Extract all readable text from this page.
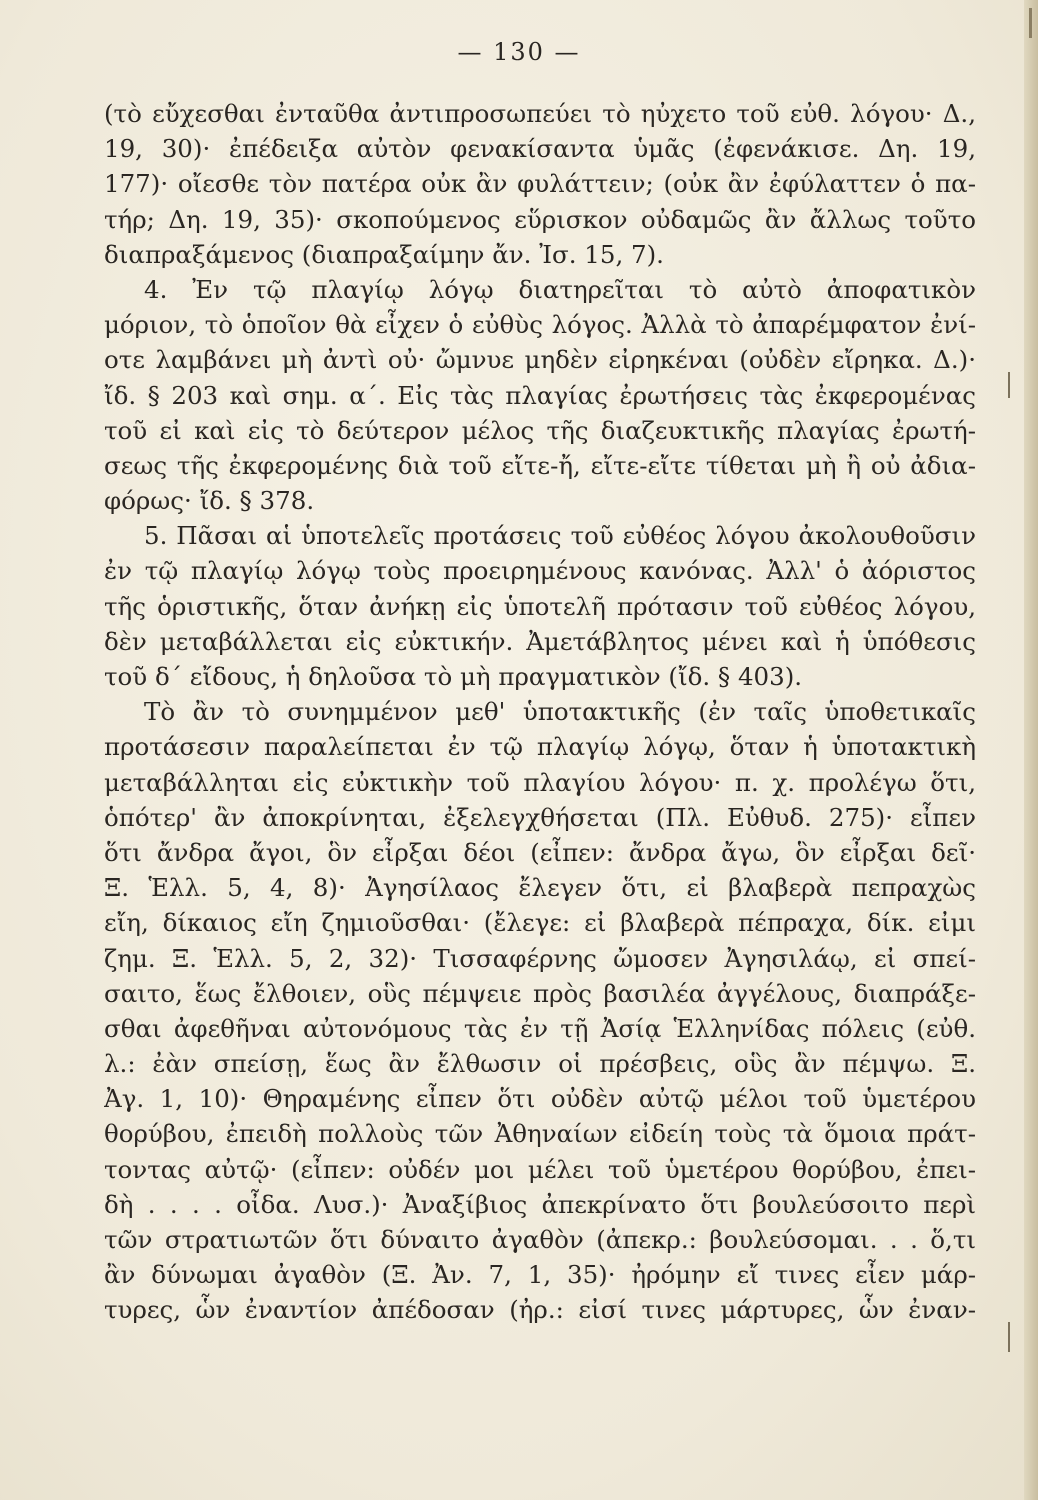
— 130 —
(τὸ εὔχεσθαι ἐνταῦθα ἀντιπροσωπεύει τὸ ηὐχετο τοῦ εὐθ. λόγου· Δ.,
19, 30)· ἐπέδειξα αὐτὸν φενακίσαντα ὑμᾶς (ἐφενάκισε. Δη. 19,
177)· οἴεσθε τὸν πατέρα οὐκ ἂν φυλάττειν; (οὐκ ἂν ἐφύλαττεν ὁ πα-
τήρ; Δη. 19, 35)· σκοπούμενος εὕρισκον οὐδαμῶς ἂν ἄλλως τοῦτο
διαπραξάμενος (διαπραξαίμην ἄν. Ἰσ. 15, 7).
4. Ἐν τῷ πλαγίῳ λόγῳ διατηρεῖται τὸ αὐτὸ ἀποφατικὸν
μόριον, τὸ ὁποῖον θὰ εἶχεν ὁ εὐθὺς λόγος. Ἀλλὰ τὸ ἀπαρέμφατον ἐνί-
οτε λαμβάνει μὴ ἀντὶ οὐ· ὤμνυε μηδὲν εἰρηκέναι (οὐδὲν εἴρηκα. Δ.)·
ἴδ. § 203 καὶ σημ. α΄. Εἰς τὰς πλαγίας ἐρωτήσεις τὰς ἐκφερομένας
τοῦ εἰ καὶ εἰς τὸ δεύτερον μέλος τῆς διαζευκτικῆς πλαγίας ἐρωτή-
σεως τῆς ἐκφερομένης διὰ τοῦ εἴτε-ἤ, εἴτε-εἴτε τίθεται μὴ ἢ οὐ ἀδια-
φόρως· ἴδ. § 378.
5. Πᾶσαι αἱ ὑποτελεῖς προτάσεις τοῦ εὐθέος λόγου ἀκολουθοῦσιν
ἐν τῷ πλαγίῳ λόγῳ τοὺς προειρημένους κανόνας. Ἀλλ' ὁ ἀόριστος
τῆς ὁριστικῆς, ὅταν ἀνήκῃ εἰς ὑποτελῆ πρότασιν τοῦ εὐθέος λόγου,
δὲν μεταβάλλεται εἰς εὐκτικήν. Ἀμετάβλητος μένει καὶ ἡ ὑπόθεσις
τοῦ δ΄ εἴδους, ἡ δηλοῦσα τὸ μὴ πραγματικὸν (ἴδ. § 403).
Τὸ ἂν τὸ συνημμένον μεθ' ὑποτακτικῆς (ἐν ταῖς ὑποθετικαῖς
προτάσεσιν παραλείπεται ἐν τῷ πλαγίῳ λόγῳ, ὅταν ἡ ὑποτακτικὴ
μεταβάλληται εἰς εὐκτικὴν τοῦ πλαγίου λόγου· π. χ. προλέγω ὅτι,
ὁπότερ' ἂν ἀποκρίνηται, ἐξελεγχθήσεται (Πλ. Εὐθυδ. 275)· εἶπεν
ὅτι ἄνδρα ἄγοι, ὃν εἶρξαι δέοι (εἶπεν: ἄνδρα ἄγω, ὃν εἶρξαι δεῖ·
Ξ. Ἑλλ. 5, 4, 8)· Ἀγησίλαος ἔλεγεν ὅτι, εἰ βλαβερὰ πεπραχὼς
εἴη, δίκαιος εἴη ζημιοῦσθαι· (ἔλεγε: εἰ βλαβερὰ πέπραχα, δίκ. εἰμι
ζημ. Ξ. Ἑλλ. 5, 2, 32)· Τισσαφέρνης ὤμοσεν Ἀγησιλάῳ, εἰ σπεί-
σαιτο, ἕως ἔλθοιεν, οὓς πέμψειε πρὸς βασιλέα ἀγγέλους, διαπράξε-
σθαι ἀφεθῆναι αὐτονόμους τὰς ἐν τῇ Ἀσίᾳ Ἑλληνίδας πόλεις (εὐθ.
λ.: ἐὰν σπείσῃ, ἕως ἂν ἔλθωσιν οἱ πρέσβεις, οὓς ἂν πέμψω. Ξ.
Ἀγ. 1, 10)· Θηραμένης εἶπεν ὅτι οὐδὲν αὐτῷ μέλοι τοῦ ὑμετέρου
θορύβου, ἐπειδὴ πολλοὺς τῶν Ἀθηναίων εἰδείη τοὺς τὰ ὅμοια πράτ-
τοντας αὐτῷ· (εἶπεν: οὐδέν μοι μέλει τοῦ ὑμετέρου θορύβου, ἐπει-
δὴ . . . . οἶδα. Λυσ.)· Ἀναξίβιος ἀπεκρίνατο ὅτι βουλεύσοιτο περὶ
τῶν στρατιωτῶν ὅτι δύναιτο ἀγαθὸν (ἀπεκρ.: βουλεύσομαι. . . ὅ,τι
ἂν δύνωμαι ἀγαθὸν (Ξ. Ἀν. 7, 1, 35)· ἠρόμην εἴ τινες εἶεν μάρ-
τυρες, ὧν ἐναντίον ἀπέδοσαν (ἠρ.: εἰσί τινες μάρτυρες, ὧν ἐναν-
